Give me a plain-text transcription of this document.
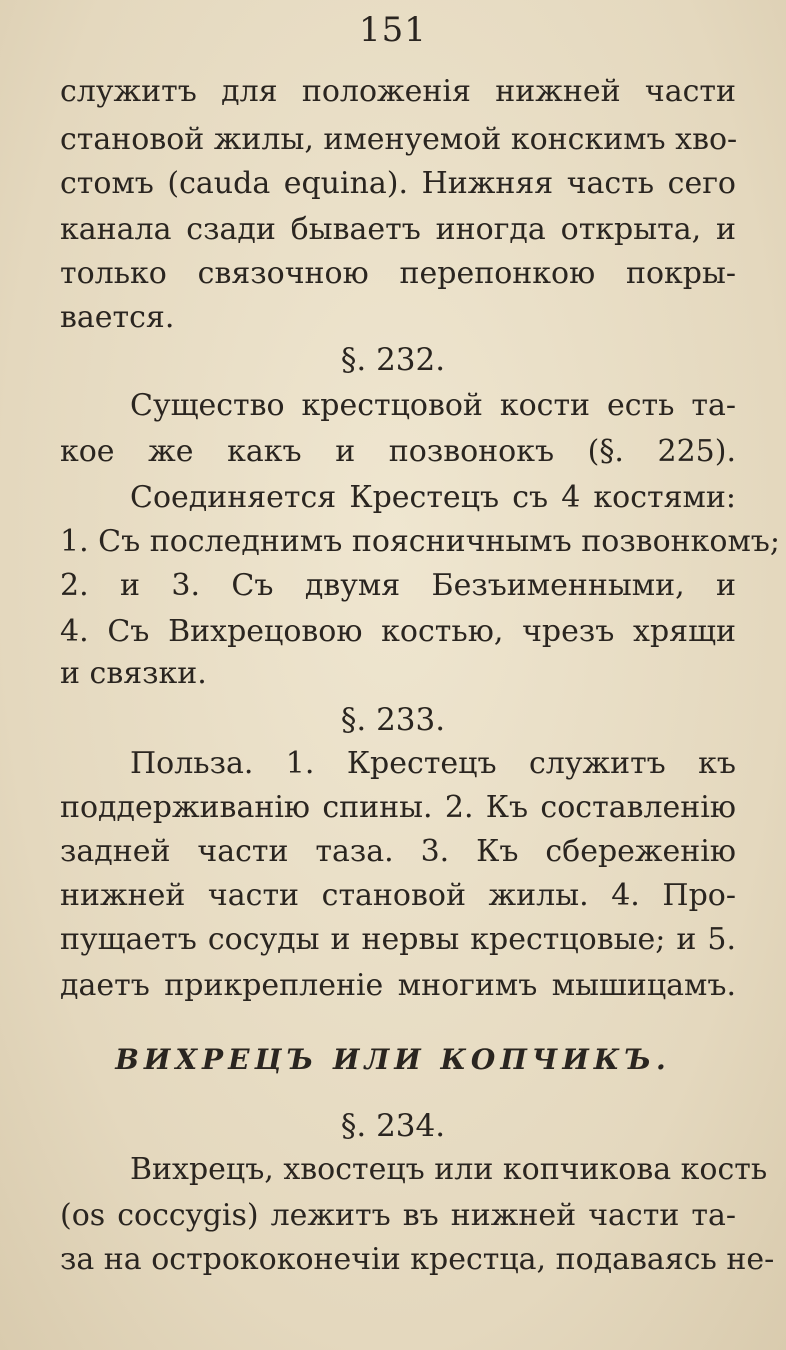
151
служитъ для положенія нижней части
становой жилы, именуемой конскимъ хво-
стомъ (cauda equina). Нижняя часть сего
канала сзади бываетъ иногда открыта, и
только связочною перепонкою покры-
вается.
§. 232.
Существо крестцовой кости есть та-
кое же какъ и позвонокъ (§. 225).
Соединяется Крестецъ съ 4 костями:
1. Съ последнимъ поясничнымъ позвонкомъ;
2. и 3. Съ двумя Безъименными, и
4. Съ Вихрецовою костью, чрезъ хрящи
и связки.
§. 233.
Польза. 1. Крестецъ служитъ къ
поддерживанію спины. 2. Къ составленію
задней части таза. 3. Къ сбереженію
нижней части становой жилы. 4. Про-
пущаетъ сосуды и нервы крестцовые; и 5.
даетъ прикрепленіе многимъ мышицамъ.
ВИХРЕЦЪ ИЛИ КОПЧИКЪ.
§. 234.
Вихрецъ, хвостецъ или копчикова кость
(os coccygis) лежитъ въ нижней части та-
за на острококонечіи крестца, подаваясь не-
